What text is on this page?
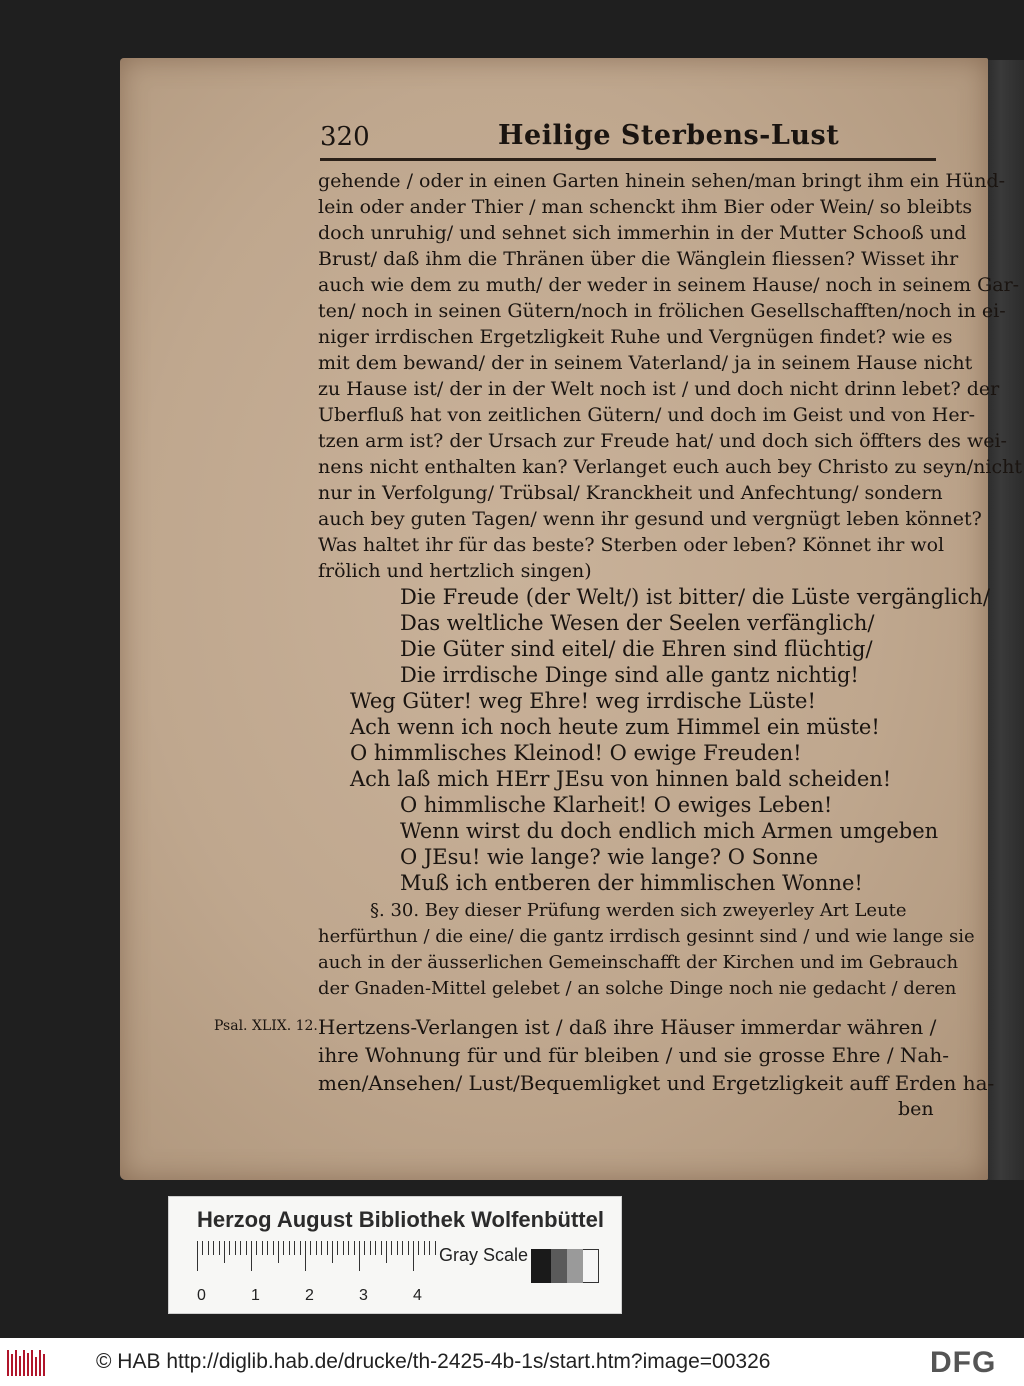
320	Heilige Sterbens-Lust
gehende / oder in einen Garten hinein sehen/man bringt ihm ein Hünd-
lein oder ander Thier / man schenckt ihm Bier oder Wein/ so bleibts
doch unruhig/ und sehnet sich immerhin in der Mutter Schooß und
Brust/ daß ihm die Thränen über die Wänglein fliessen? Wisset ihr
auch wie dem zu muth/ der weder in seinem Hause/ noch in seinem Gar-
ten/ noch in seinen Gütern/noch in frölichen Gesellschafften/noch in ei-
niger irrdischen Ergetzligkeit Ruhe und Vergnügen findet? wie es
mit dem bewand/ der in seinem Vaterland/ ja in seinem Hause nicht
zu Hause ist/ der in der Welt noch ist / und doch nicht drinn lebet? der
Uberfluß hat von zeitlichen Gütern/ und doch im Geist und von Her-
tzen arm ist? der Ursach zur Freude hat/ und doch sich öffters des wei-
nens nicht enthalten kan? Verlanget euch auch bey Christo zu seyn/nicht
nur in Verfolgung/ Trübsal/ Kranckheit und Anfechtung/ sondern
auch bey guten Tagen/ wenn ihr gesund und vergnügt leben könnet?
Was haltet ihr für das beste? Sterben oder leben? Könnet ihr wol
frölich und hertzlich singen)
Die Freude (der Welt/) ist bitter/ die Lüste vergänglich/
Das weltliche Wesen der Seelen verfänglich/
Die Güter sind eitel/ die Ehren sind flüchtig/
Die irrdische Dinge sind alle gantz nichtig!
Weg Güter! weg Ehre! weg irrdische Lüste!
Ach wenn ich noch heute zum Himmel ein müste!
O himmlisches Kleinod! O ewige Freuden!
Ach laß mich HErr JEsu von hinnen bald scheiden!
O himmlische Klarheit! O ewiges Leben!
Wenn wirst du doch endlich mich Armen umgeben
O JEsu! wie lange? wie lange? O Sonne
Muß ich entberen der himmlischen Wonne!
§. 30. Bey dieser Prüfung werden sich zweyerley Art Leute
herfürthun / die eine/ die gantz irrdisch gesinnt sind / und wie lange sie
auch in der äusserlichen Gemeinschafft der Kirchen und im Gebrauch
der Gnaden-Mittel gelebet / an solche Dinge noch nie gedacht / deren
Hertzens-Verlangen ist / daß ihre Häuser immerdar währen /
ihre Wohnung für und für bleiben / und sie grosse Ehre / Nah-
men/Ansehen/ Lust/Bequemligket und Ergetzligkeit auff Erden ha-
Psal. XLIX. 12.
ben
Herzog August Bibliothek Wolfenbüttel
0	1	2	3	4
Gray Scale
© HAB http://diglib.hab.de/drucke/th-2425-4b-1s/start.htm?image=00326	DFG
